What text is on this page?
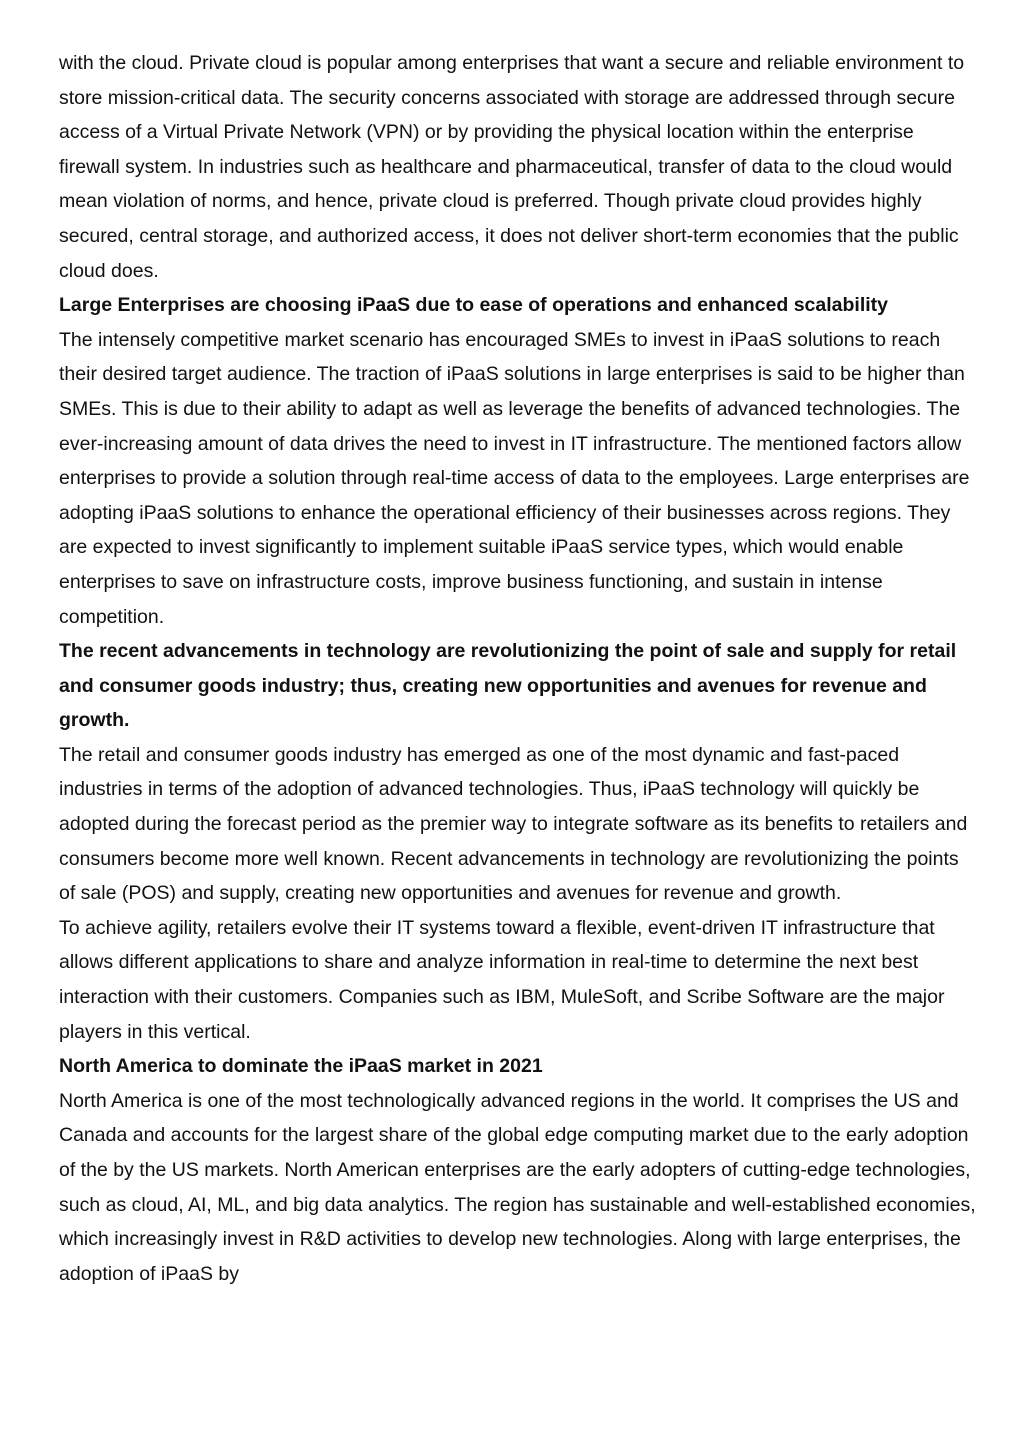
with the cloud. Private cloud is popular among enterprises that want a secure and reliable environment to store mission-critical data. The security concerns associated with storage are addressed through secure access of a Virtual Private Network (VPN) or by providing the physical location within the enterprise firewall system. In industries such as healthcare and pharmaceutical, transfer of data to the cloud would mean violation of norms, and hence, private cloud is preferred. Though private cloud provides highly secured, central storage, and authorized access, it does not deliver short-term economies that the public cloud does.

Large Enterprises are choosing iPaaS due to ease of operations and enhanced scalability

The intensely competitive market scenario has encouraged SMEs to invest in iPaaS solutions to reach their desired target audience. The traction of iPaaS solutions in large enterprises is said to be higher than SMEs. This is due to their ability to adapt as well as leverage the benefits of advanced technologies. The ever-increasing amount of data drives the need to invest in IT infrastructure. The mentioned factors allow enterprises to provide a solution through real-time access of data to the employees. Large enterprises are adopting iPaaS solutions to enhance the operational efficiency of their businesses across regions. They are expected to invest significantly to implement suitable iPaaS service types, which would enable enterprises to save on infrastructure costs, improve business functioning, and sustain in intense competition.

The recent advancements in technology are revolutionizing the point of sale and supply for retail and consumer goods industry; thus, creating new opportunities and avenues for revenue and growth.

The retail and consumer goods industry has emerged as one of the most dynamic and fast-paced industries in terms of the adoption of advanced technologies. Thus, iPaaS technology will quickly be adopted during the forecast period as the premier way to integrate software as its benefits to retailers and consumers become more well known. Recent advancements in technology are revolutionizing the points of sale (POS) and supply, creating new opportunities and avenues for revenue and growth.

To achieve agility, retailers evolve their IT systems toward a flexible, event-driven IT infrastructure that allows different applications to share and analyze information in real-time to determine the next best interaction with their customers. Companies such as IBM, MuleSoft, and Scribe Software are the major players in this vertical.

North America to dominate the iPaaS market in 2021

North America is one of the most technologically advanced regions in the world. It comprises the US and Canada and accounts for the largest share of the global edge computing market due to the early adoption of the by the US markets. North American enterprises are the early adopters of cutting-edge technologies, such as cloud, AI, ML, and big data analytics. The region has sustainable and well-established economies, which increasingly invest in R&D activities to develop new technologies. Along with large enterprises, the adoption of iPaaS by
